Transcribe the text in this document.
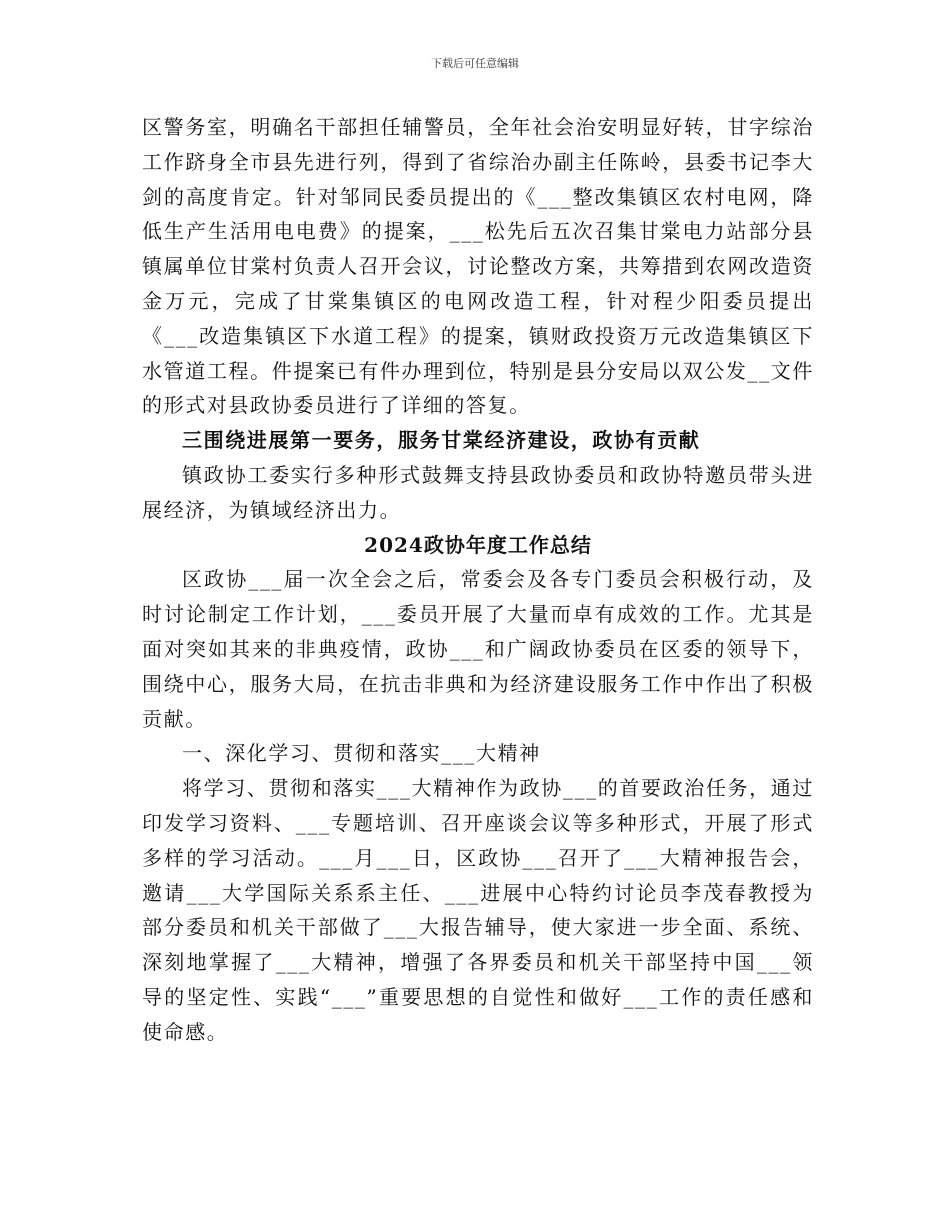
下载后可任意编辑

区警务室，明确名干部担任辅警员，全年社会治安明显好转，甘字综治工作跻身全市县先进行列，得到了省综治办副主任陈岭，县委书记李大剑的高度肯定。针对邹同民委员提出的《___整改集镇区农村电网，降低生产生活用电电费》的提案，___松先后五次召集甘棠电力站部分县镇属单位甘棠村负责人召开会议，讨论整改方案，共筹措到农网改造资金万元，完成了甘棠集镇区的电网改造工程，针对程少阳委员提出《___改造集镇区下水道工程》的提案，镇财政投资万元改造集镇区下水管道工程。件提案已有件办理到位，特别是县分安局以双公发__文件的形式对县政协委员进行了详细的答复。

三围绕进展第一要务，服务甘棠经济建设，政协有贡献

镇政协工委实行多种形式鼓舞支持县政协委员和政协特邀员带头进展经济，为镇域经济出力。

2024政协年度工作总结

区政协___届一次全会之后，常委会及各专门委员会积极行动，及时讨论制定工作计划，___委员开展了大量而卓有成效的工作。尤其是面对突如其来的非典疫情，政协___和广阔政协委员在区委的领导下，围绕中心，服务大局，在抗击非典和为经济建设服务工作中作出了积极贡献。

一、深化学习、贯彻和落实___大精神

将学习、贯彻和落实___大精神作为政协___的首要政治任务，通过印发学习资料、___专题培训、召开座谈会议等多种形式，开展了形式多样的学习活动。___月___日，区政协___召开了___大精神报告会，邀请___大学国际关系系主任、___进展中心特约讨论员李茂春教授为部分委员和机关干部做了___大报告辅导，使大家进一步全面、系统、深刻地掌握了___大精神，增强了各界委员和机关干部坚持中国___领导的坚定性、实践“___”重要思想的自觉性和做好___工作的责任感和使命感。
